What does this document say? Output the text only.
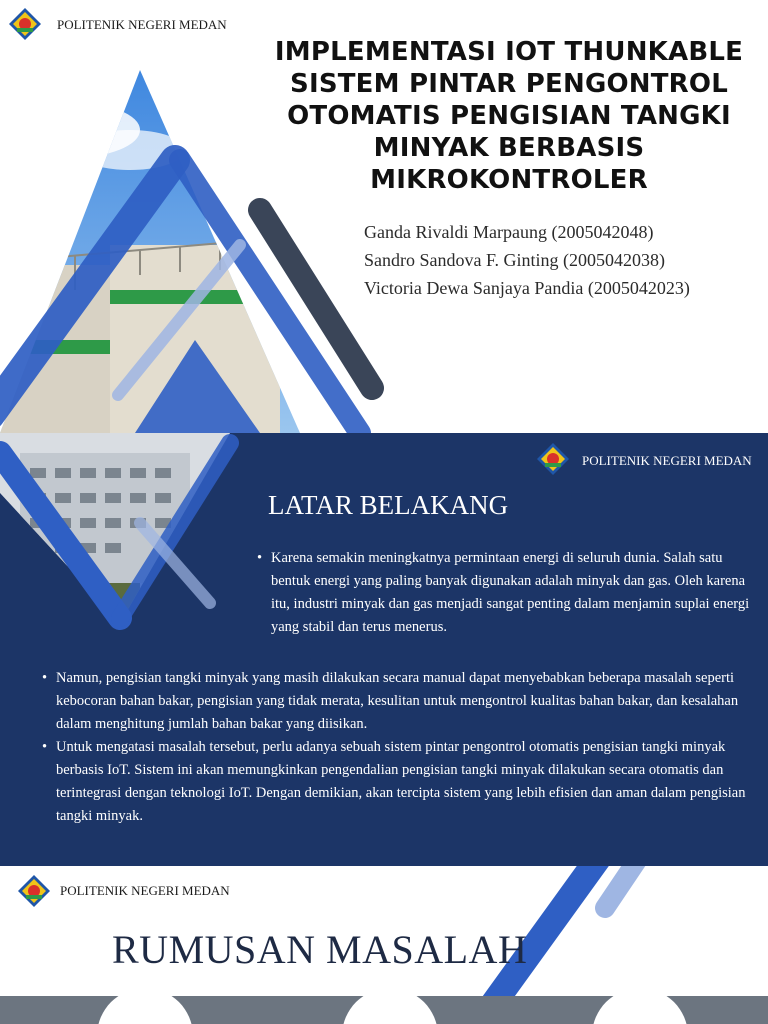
POLITENIK NEGERI MEDAN
IMPLEMENTASI IOT THUNKABLE
SISTEM PINTAR PENGONTROL
OTOMATIS PENGISIAN TANGKI
MINYAK BERBASIS
MIKROKONTROLER
Ganda Rivaldi Marpaung (2005042048)
Sandro Sandova F. Ginting (2005042038)
Victoria Dewa Sanjaya Pandia (2005042023)
POLITENIK NEGERI MEDAN
LATAR BELAKANG
• Karena semakin meningkatnya permintaan energi di seluruh dunia. Salah satu bentuk energi yang paling banyak digunakan adalah minyak dan gas. Oleh karena itu, industri minyak dan gas menjadi sangat penting dalam menjamin suplai energi yang stabil dan terus menerus.
• Namun, pengisian tangki minyak yang masih dilakukan secara manual dapat menyebabkan beberapa masalah seperti kebocoran bahan bakar, pengisian yang tidak merata, kesulitan untuk mengontrol kualitas bahan bakar, dan kesalahan dalam menghitung jumlah bahan bakar yang diisikan.
• Untuk mengatasi masalah tersebut, perlu adanya sebuah sistem pintar pengontrol otomatis pengisian tangki minyak berbasis IoT. Sistem ini akan memungkinkan pengendalian pengisian tangki minyak dilakukan secara otomatis dan terintegrasi dengan teknologi IoT. Dengan demikian, akan tercipta sistem yang lebih efisien dan aman dalam pengisian tangki minyak.
POLITENIK NEGERI MEDAN
RUMUSAN MASALAH
